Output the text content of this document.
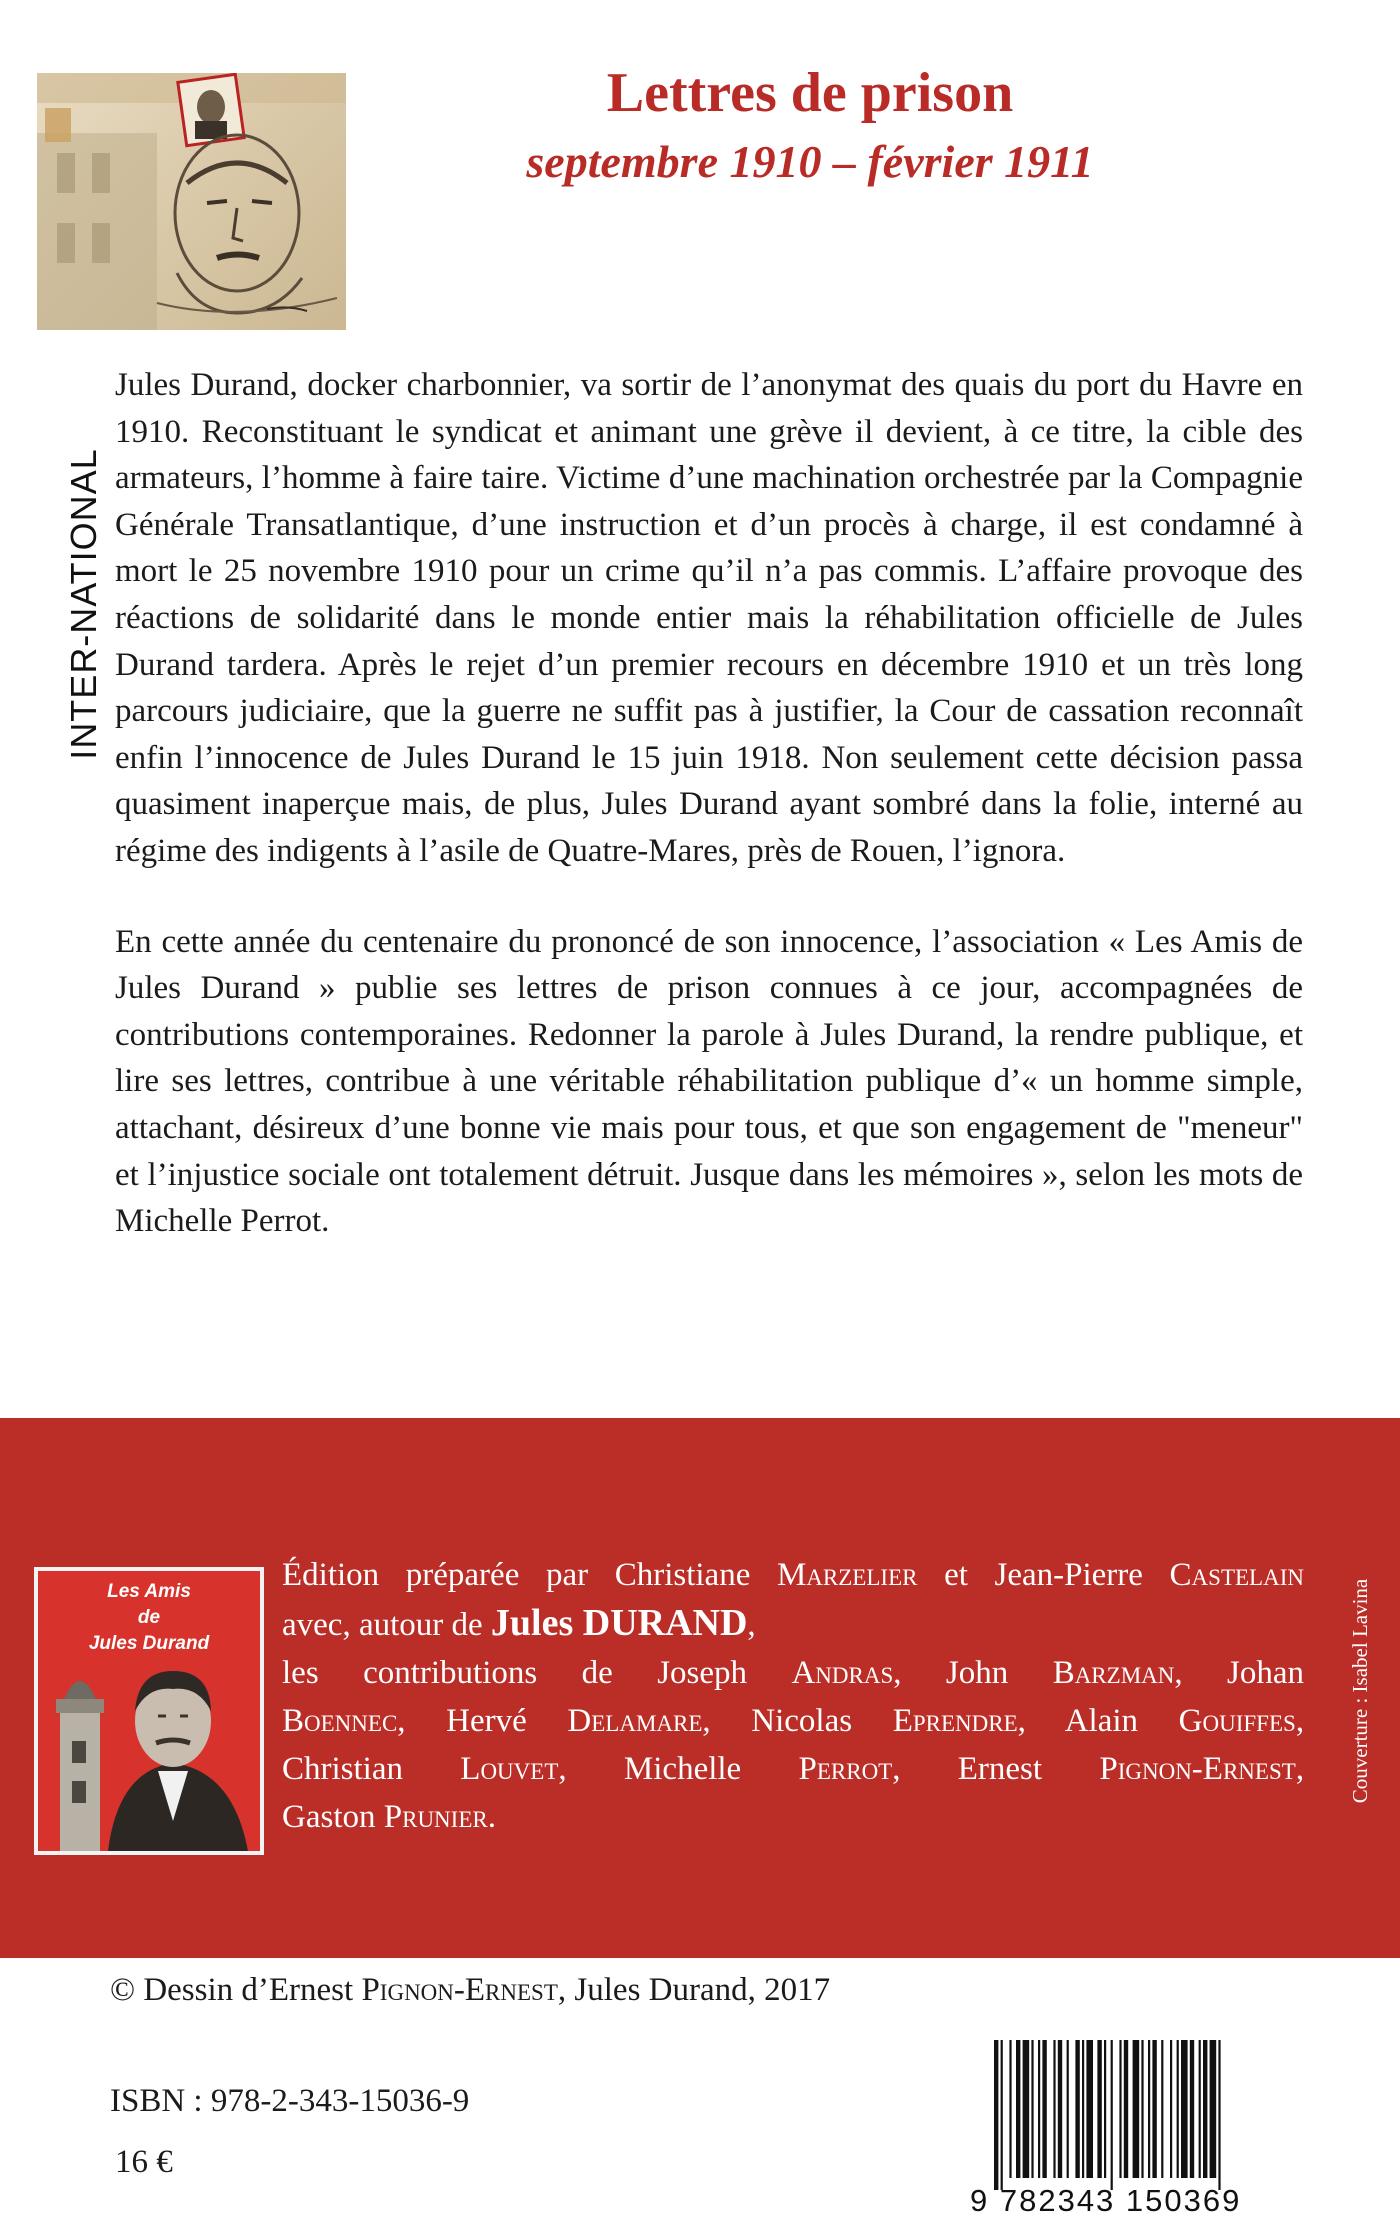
Lettres de prison
septembre 1910 – février 1911
INTER-NATIONAL

Jules Durand, docker charbonnier, va sortir de l’anonymat des quais du port du Havre en 1910. Reconstituant le syndicat et animant une grève il devient, à ce titre, la cible des armateurs, l’homme à faire taire. Victime d’une machination orchestrée par la Compagnie Générale Transatlantique, d’une instruction et d’un procès à charge, il est condamné à mort le 25 novembre 1910 pour un crime qu’il n’a pas commis. L’affaire provoque des réactions de solidarité dans le monde entier mais la réhabilitation officielle de Jules Durand tardera. Après le rejet d’un premier recours en décembre 1910 et un très long parcours judiciaire, que la guerre ne suffit pas à justifier, la Cour de cassation reconnaît enfin l’innocence de Jules Durand le 15 juin 1918. Non seulement cette décision passa quasiment inaperçue mais, de plus, Jules Durand ayant sombré dans la folie, interné au régime des indigents à l’asile de Quatre-Mares, près de Rouen, l’ignora.

En cette année du centenaire du prononcé de son innocence, l’association « Les Amis de Jules Durand » publie ses lettres de prison connues à ce jour, accompagnées de contributions contemporaines. Redonner la parole à Jules Durand, la rendre publique, et lire ses lettres, contribue à une véritable réhabilitation publique d’« un homme simple, attachant, désireux d’une bonne vie mais pour tous, et que son engagement de "meneur" et l’injustice sociale ont totalement détruit. Jusque dans les mémoires », selon les mots de Michelle Perrot.

Les Amis
de
Jules Durand
Édition préparée par Christiane Marzelier et Jean-Pierre Castelain
avec, autour de Jules DURAND,
les contributions de Joseph Andras, John Barzman, Johan
Boennec, Hervé Delamare, Nicolas Eprendre, Alain Gouiffes,
Christian Louvet, Michelle Perrot, Ernest Pignon-Ernest,
Gaston Prunier.
Couverture : Isabel Lavina
© Dessin d’Ernest Pignon-Ernest, Jules Durand, 2017
ISBN : 978-2-343-15036-9
16 €
9 782343 150369
